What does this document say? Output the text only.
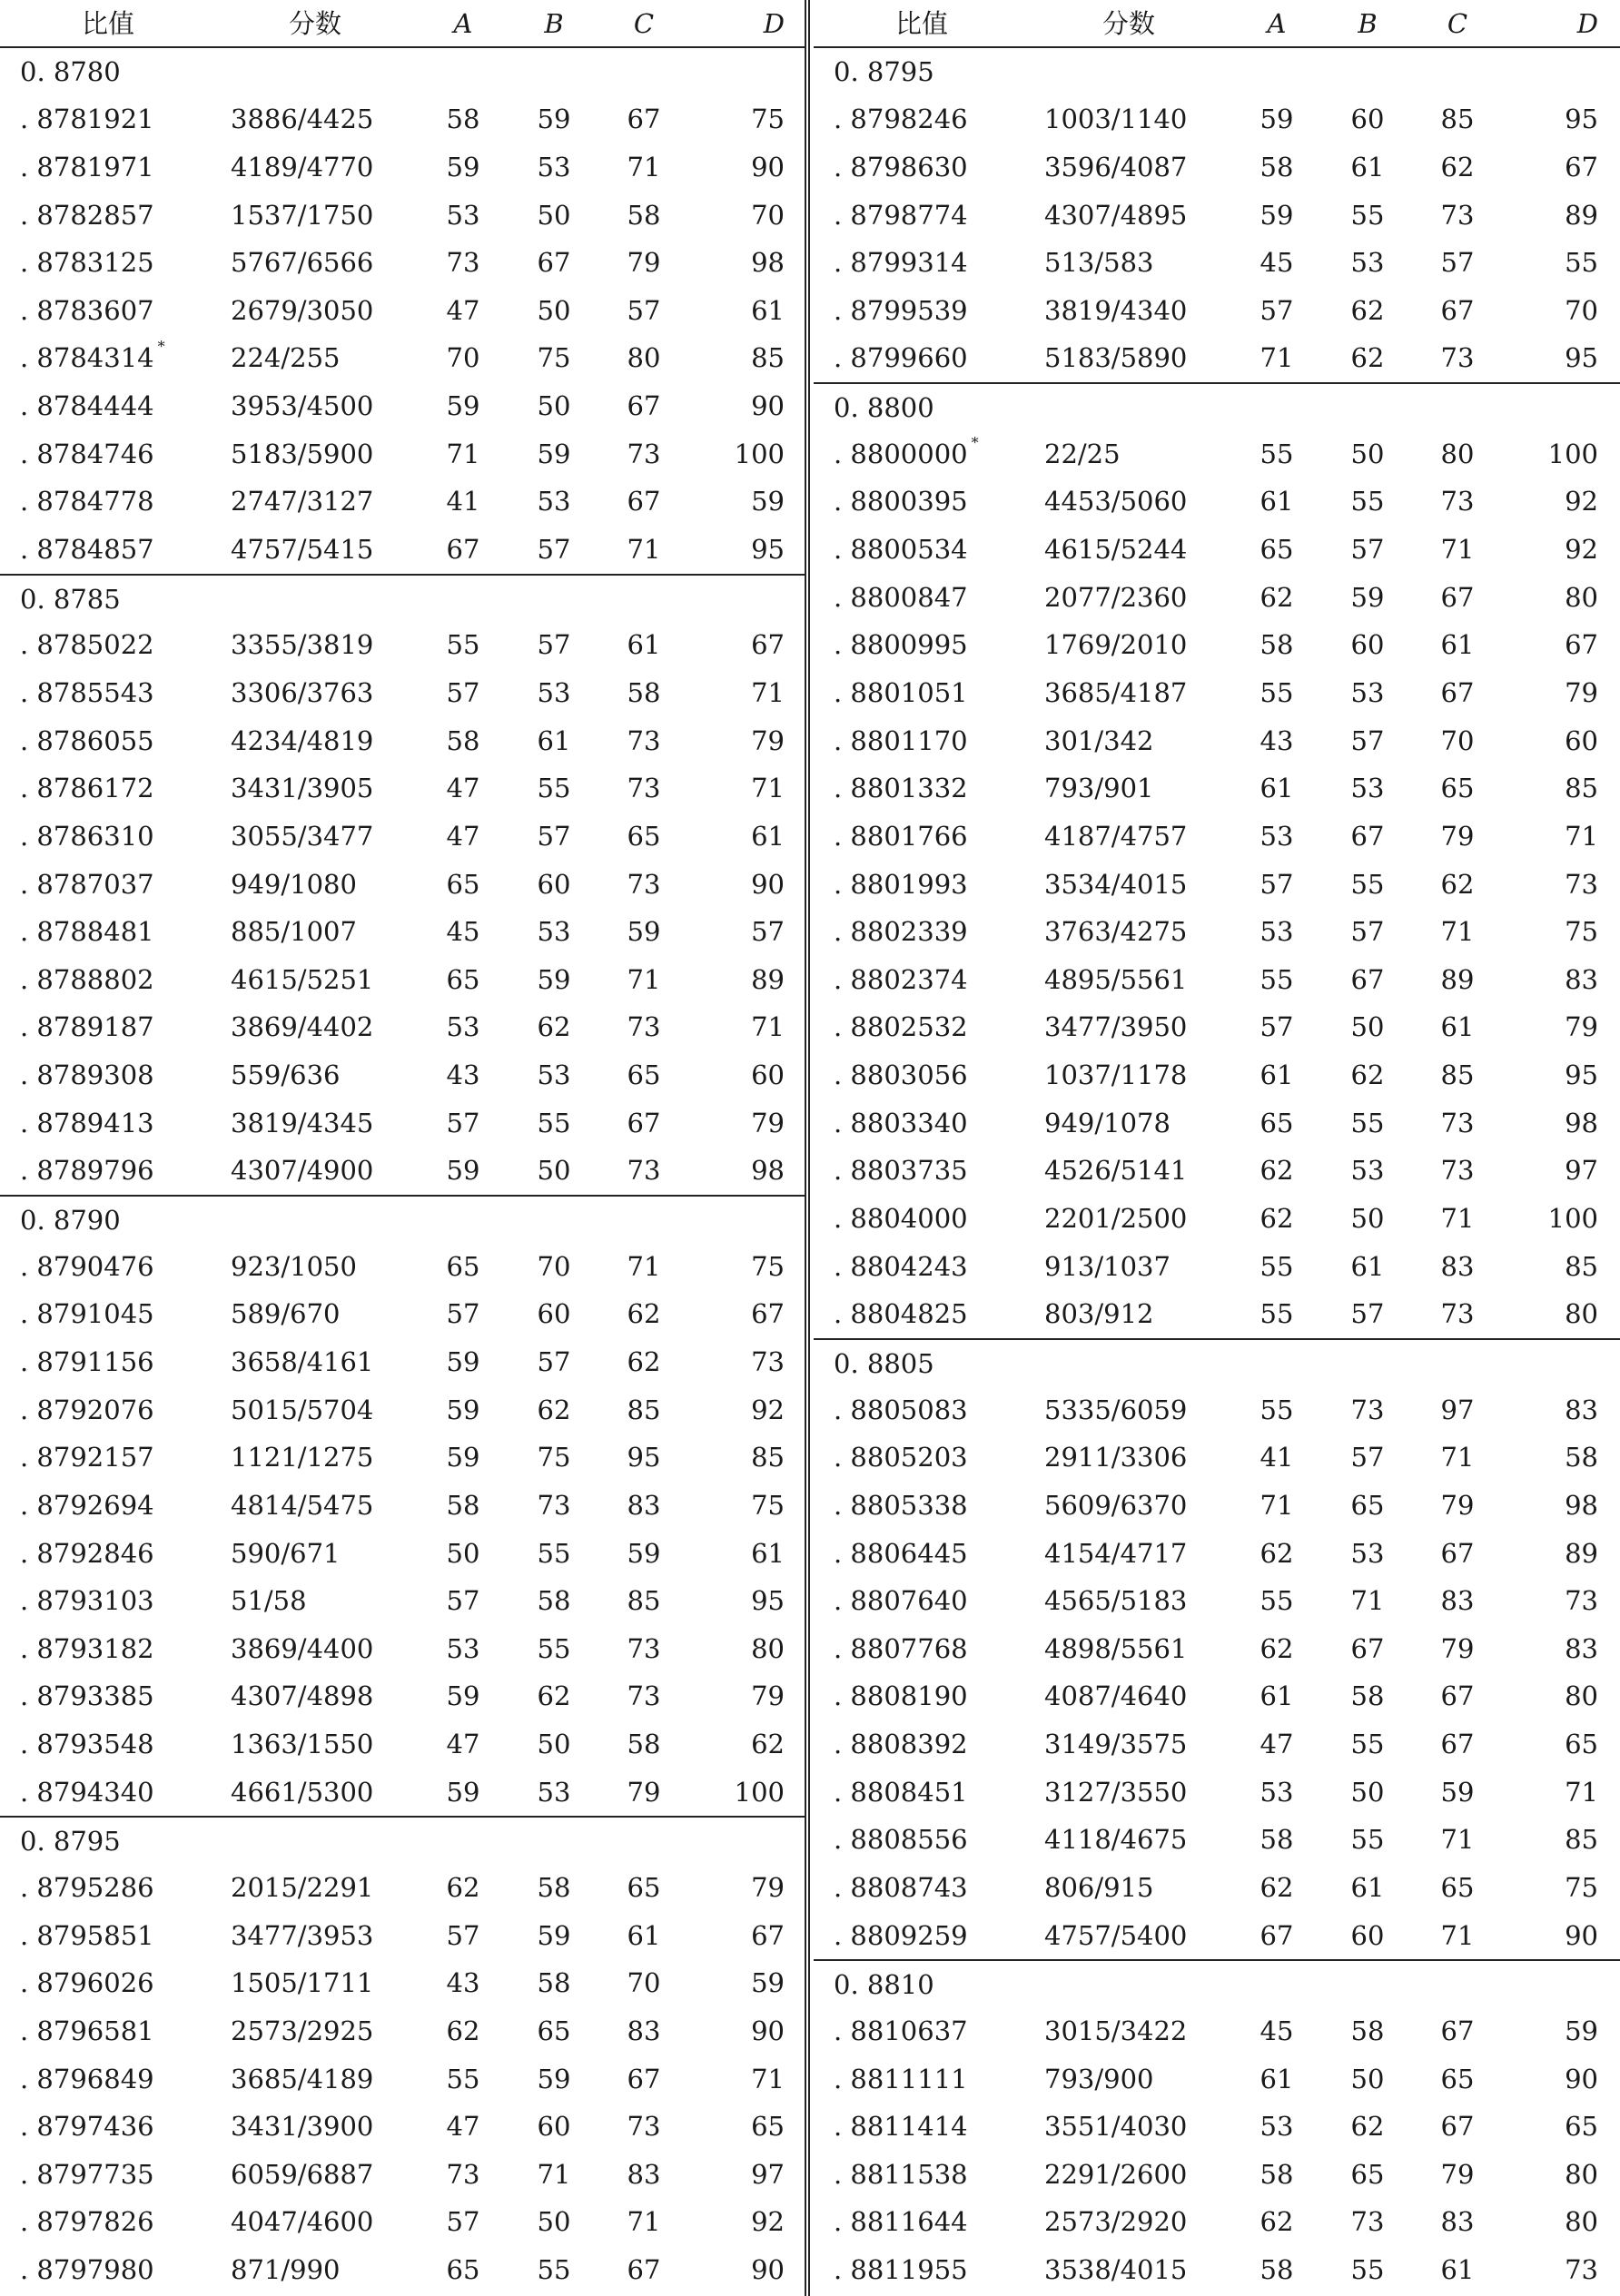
比值	分数	A	B	C	D
0. 8780
. 8781921	3886/4425	58	59	67	75
. 8781971	4189/4770	59	53	71	90
. 8782857	1537/1750	53	50	58	70
. 8783125	5767/6566	73	67	79	98
. 8783607	2679/3050	47	50	57	61
. 8784314 * 224/255	70	75	80	85
. 8784444	3953/4500	59	50	67	90
. 8784746	5183/5900	71	59	73	100
. 8784778	2747/3127	41	53	67	59
. 8784857	4757/5415	67	57	71	95
0. 8785
. 8785022	3355/3819	55	57	61	67
. 8785543	3306/3763	57	53	58	71
. 8786055	4234/4819	58	61	73	79
. 8786172	3431/3905	47	55	73	71
. 8786310	3055/3477	47	57	65	61
. 8787037	949/1080	65	60	73	90
. 8788481	885/1007	45	53	59	57
. 8788802	4615/5251	65	59	71	89
. 8789187	3869/4402	53	62	73	71
. 8789308	559/636	43	53	65	60
. 8789413	3819/4345	57	55	67	79
. 8789796	4307/4900	59	50	73	98
0. 8790
. 8790476	923/1050	65	70	71	75
. 8791045	589/670	57	60	62	67
. 8791156	3658/4161	59	57	62	73
. 8792076	5015/5704	59	62	85	92
. 8792157	1121/1275	59	75	95	85
. 8792694	4814/5475	58	73	83	75
. 8792846	590/671	50	55	59	61
. 8793103	51/58	57	58	85	95
. 8793182	3869/4400	53	55	73	80
. 8793385	4307/4898	59	62	73	79
. 8793548	1363/1550	47	50	58	62
. 8794340	4661/5300	59	53	79	100
0. 8795
. 8795286	2015/2291	62	58	65	79
. 8795851	3477/3953	57	59	61	67
. 8796026	1505/1711	43	58	70	59
. 8796581	2573/2925	62	65	83	90
. 8796849	3685/4189	55	59	67	71
. 8797436	3431/3900	47	60	73	65
. 8797735	6059/6887	73	71	83	97
. 8797826	4047/4600	57	50	71	92
. 8797980	871/990	65	55	67	90
比值	分数	A	B	C	D
0. 8795
. 8798246	1003/1140	59	60	85	95
. 8798630	3596/4087	58	61	62	67
. 8798774	4307/4895	59	55	73	89
. 8799314	513/583	45	53	57	55
. 8799539	3819/4340	57	62	67	70
. 8799660	5183/5890	71	62	73	95
0. 8800
. 8800000 * 22/25	55	50	80	100
. 8800395	4453/5060	61	55	73	92
. 8800534	4615/5244	65	57	71	92
. 8800847	2077/2360	62	59	67	80
. 8800995	1769/2010	58	60	61	67
. 8801051	3685/4187	55	53	67	79
. 8801170	301/342	43	57	70	60
. 8801332	793/901	61	53	65	85
. 8801766	4187/4757	53	67	79	71
. 8801993	3534/4015	57	55	62	73
. 8802339	3763/4275	53	57	71	75
. 8802374	4895/5561	55	67	89	83
. 8802532	3477/3950	57	50	61	79
. 8803056	1037/1178	61	62	85	95
. 8803340	949/1078	65	55	73	98
. 8803735	4526/5141	62	53	73	97
. 8804000	2201/2500	62	50	71	100
. 8804243	913/1037	55	61	83	85
. 8804825	803/912	55	57	73	80
0. 8805
. 8805083	5335/6059	55	73	97	83
. 8805203	2911/3306	41	57	71	58
. 8805338	5609/6370	71	65	79	98
. 8806445	4154/4717	62	53	67	89
. 8807640	4565/5183	55	71	83	73
. 8807768	4898/5561	62	67	79	83
. 8808190	4087/4640	61	58	67	80
. 8808392	3149/3575	47	55	67	65
. 8808451	3127/3550	53	50	59	71
. 8808556	4118/4675	58	55	71	85
. 8808743	806/915	62	61	65	75
. 8809259	4757/5400	67	60	71	90
0. 8810
. 8810637	3015/3422	45	58	67	59
. 8811111	793/900	61	50	65	90
. 8811414	3551/4030	53	62	67	65
. 8811538	2291/2600	58	65	79	80
. 8811644	2573/2920	62	73	83	80
. 8811955	3538/4015	58	55	61	73
